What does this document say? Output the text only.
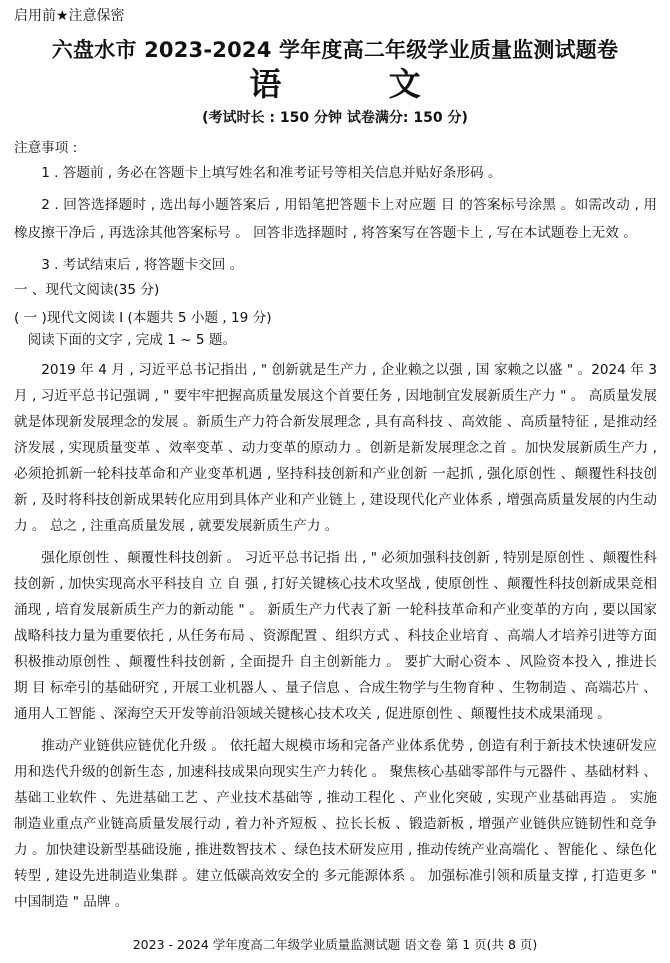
启用前★注意保密
六盘水市 2023-2024 学年度高二年级学业质量监测试题卷
语 文
(考试时长 : 150 分钟 试卷满分: 150 分)

注意事项 :

1 . 答题前 , 务必在答题卡上填写姓名和准考证号等相关信息并贴好条形码 。

2 . 回答选择题时 , 选出每小题答案后 , 用铅笔把答题卡上对应题 目 的答案标号涂黑 。如需改动 , 用橡皮擦干净后 , 再选涂其他答案标号 。 回答非选择题时 , 将答案写在答题卡上 , 写在本试题卷上无效 。

3 . 考试结束后 , 将答题卡交回 。

一 、现代文阅读(35 分)

( 一 )现代文阅读 Ⅰ (本题共 5 小题 , 19 分)

阅读下面的文字 , 完成 1 ~ 5 题。

2019 年 4 月 , 习近平总书记指出 , " 创新就是生产力 , 企业赖之以强 , 国 家赖之以盛 " 。2024 年 3 月 , 习近平总书记强调 , " 要牢牢把握高质量发展这个首要任务 , 因地制宜发展新质生产力 " 。 高质量发展就是体现新发展理念的发展 。新质生产力符合新发展理念 , 具有高科技 、高效能 、高质量特征 , 是推动经济发展 , 实现质量变革 、效率变革 、动力变革的原动力 。创新是新发展理念之首 。加快发展新质生产力 , 必须抢抓新一轮科技革命和产业变革机遇 , 坚持科技创新和产业创新 一起抓 , 强化原创性 、颠覆性科技创新 , 及时将科技创新成果转化应用到具体产业和产业链上 , 建设现代化产业体系 , 增强高质量发展的内生动力 。 总之 , 注重高质量发展 , 就要发展新质生产力 。

强化原创性 、颠覆性科技创新 。 习近平总书记指 出 , " 必须加强科技创新 , 特别是原创性 、颠覆性科技创新 , 加快实现高水平科技自 立 自 强 , 打好关键核心技术攻坚战 , 使原创性 、颠覆性科技创新成果竞相涌现 , 培育发展新质生产力的新动能 " 。 新质生产力代表了新 一轮科技革命和产业变革的方向 , 要以国家战略科技力量为重要依托 , 从任务布局 、资源配置 、组织方式 、科技企业培育 、高端人才培养引进等方面积极推动原创性 、颠覆性科技创新 , 全面提升 自主创新能力 。 要扩大耐心资本 、风险资本投入 , 推进长期 目 标牵引的基础研究 , 开展工业机器人 、量子信息 、合成生物学与生物育种 、生物制造 、高端芯片 、通用人工智能 、深海空天开发等前沿领域关键核心技术攻关 , 促进原创性 、颠覆性技术成果涌现 。

推动产业链供应链优化升级 。 依托超大规模市场和完备产业体系优势 , 创造有利于新技术快速研发应用和迭代升级的创新生态 , 加速科技成果向现实生产力转化 。 聚焦核心基础零部件与元器件 、基础材料 、基础工业软件 、先进基础工艺 、产业技术基础等 , 推动工程化 、产业化突破 , 实现产业基础再造 。 实施制造业重点产业链高质量发展行动 , 着力补齐短板 、拉长长板 、锻造新板 , 增强产业链供应链韧性和竞争力 。加快建设新型基础设施 , 推进数智技术 、绿色技术研发应用 , 推动传统产业高端化 、智能化 、绿色化转型 , 建设先进制造业集群 。建立低碳高效安全的 多元能源体系 。 加强标准引领和质量支撑 , 打造更多 " 中国制造 " 品牌 。

2023 - 2024 学年度高二年级学业质量监测试题 语文卷 第 1 页(共 8 页)
